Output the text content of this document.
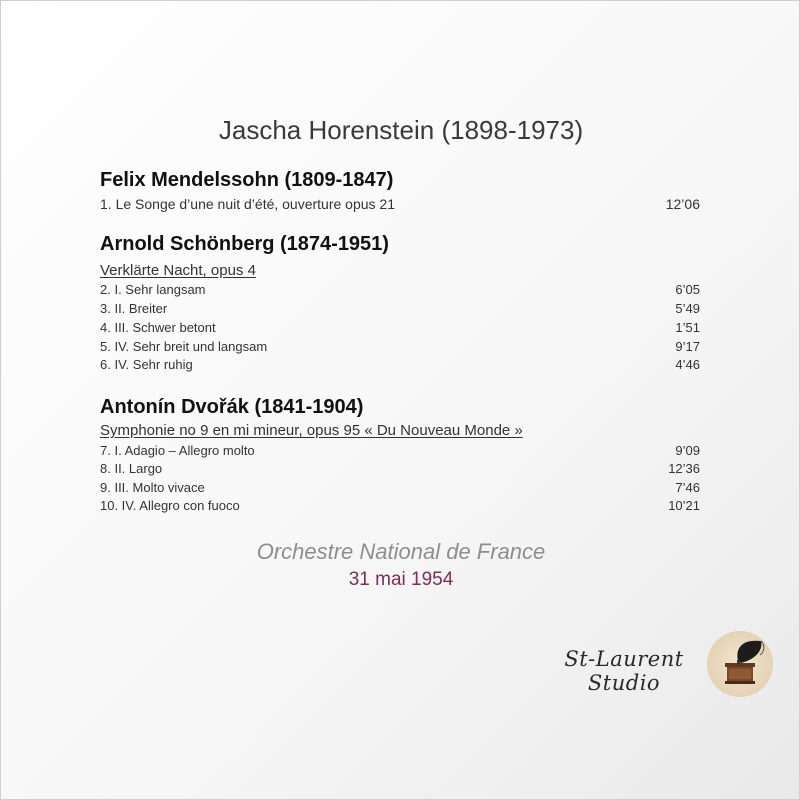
Jascha Horenstein (1898-1973)
Felix Mendelssohn (1809-1847)
1. Le Songe d’une nuit d’été, ouverture opus 21	12’06
Arnold Schönberg (1874-1951)
Verklärte Nacht, opus 4
2. I. Sehr langsam	6’05
3. II. Breiter	5’49
4. III. Schwer betont	1’51
5. IV. Sehr breit und langsam	9’17
6. IV. Sehr ruhig	4’46
Antonín Dvořák (1841-1904)
Symphonie no 9 en mi mineur, opus 95 « Du Nouveau Monde »
7. I. Adagio – Allegro molto	9’09
8. II. Largo	12’36
9. III. Molto vivace	7’46
10. IV. Allegro con fuoco	10’21
Orchestre National de France
31 mai 1954
St-Laurent Studio
